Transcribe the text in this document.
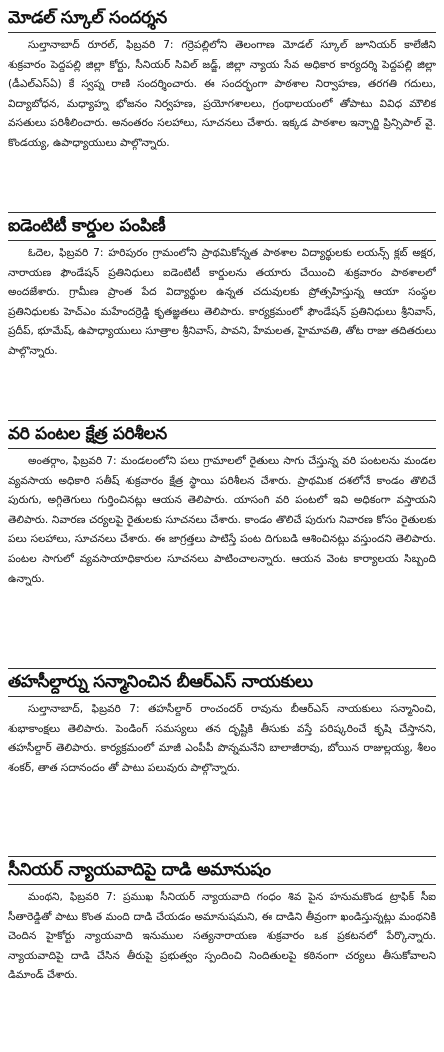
మోడల్ స్కూల్ సందర్శన

సుల్తానాబాద్ రూరల్, ఫిబ్రవరి 7: గర్రెపల్లిలోని తెలంగాణ మోడల్ స్కూల్ జూనియర్ కాలేజీని శుక్రవారం పెద్దపల్లి జిల్లా కోర్టు, సీనియర్ సివిల్ జడ్జ్, జిల్లా న్యాయ సేవ అధికార కార్యదర్శి పెద్దపల్లి జిల్లా (డీఎల్ఎస్ఏ) కే స్వప్న రాణి సందర్శించారు. ఈ సందర్భంగా పాఠశాల నిర్వాహణ, తరగతి గదులు, విద్యాబోధన, మధ్యాహ్న భోజనం నిర్వహణ, ప్రయోగశాలలు, గ్రంథాలయంలో తోపాటు వివిధ మౌలిక వసతులు పరిశీలించారు. అనంతరం సలహాలు, సూచనలు చేశారు. ఇక్కడ పాఠశాల ఇన్చార్జి ప్రిన్సిపాల్ వై. కొండయ్య, ఉపాధ్యాయులు పాల్గొన్నారు.

ఐడెంటిటీ కార్డుల పంపిణీ

ఓదెల, ఫిబ్రవరి 7: హరిపురం గ్రామంలోని ప్రాథమికోన్నత పాఠశాల విద్యార్థులకు లయన్స్ క్లబ్ అక్షర, నారాయణ ఫౌండేషన్ ప్రతినిధులు ఐడెంటిటీ కార్డులను తయారు చేయించి శుక్రవారం పాఠశాలలో అందజేశారు. గ్రామీణ ప్రాంత పేద విద్యార్థుల ఉన్నత చదువులకు ప్రోత్సహిస్తున్న ఆయా సంస్థల ప్రతినిధులకు హెచ్ఎం మహేందర్రెడ్డి కృతజ్ఞతలు తెలిపారు. కార్యక్రమంలో ఫౌండేషన్ ప్రతినిధులు శ్రీనివాస్, ప్రదీప్, భూమేష్, ఉపాధ్యాయులు సూత్రాల శ్రీనివాస్, పావని, హేమలత, హైమావతి, తోట రాజు తదితరులు పాల్గొన్నారు.

వరి పంటల క్షేత్ర పరిశీలన

అంతర్గాం, ఫిబ్రవరి 7: మండలంలోని పలు గ్రామాలలో రైతులు సాగు చేస్తున్న వరి పంటలను మండల వ్యవసాయ అధికారి సతీష్ శుక్రవారం క్షేత్ర స్థాయి పరిశీలన చేశారు. ప్రాథమిక దశలోనే కాండం తొలిచే పురుగు, అగ్గితెగులు గుర్తించినట్లు ఆయన తెలిపారు. యాసంగి వరి పంటలో ఇవి అధికంగా వస్తాయని తెలిపారు. నివారణ చర్యలపై రైతులకు సూచనలు చేశారు. కాండం తొలిచే పురుగు నివారణ కోసం రైతులకు పలు సలహాలు, సూచనలు చేశారు. ఈ జాగ్రత్తలు పాటిస్తే పంట దిగుబడి ఆశించినట్లు వస్తుందని తెలిపారు. పంటల సాగులో వ్యవసాయాధికారుల సూచనలు పాటించాలన్నారు. ఆయన వెంట కార్యాలయ సిబ్బంది ఉన్నారు.

తహసీల్దార్ను సన్మానించిన బీఆర్ఎస్ నాయకులు

సుల్తానాబాద్, ఫిబ్రవరి 7: తహసీల్దార్ రాంచందర్ రావును బీఆర్ఎస్ నాయకులు సన్మానించి, శుభాకాంక్షలు తెలిపారు. పెండింగ్ సమస్యలు తన దృష్టికి తీసుకు వస్తే పరిష్కరించే కృషి చేస్తానని, తహసీల్దార్ తెలిపారు. కార్యక్రమంలో మాజీ ఎంపీపీ పొన్నమనేని బాలాజీరావు, బోయిన రాజుల్లయ్య, శీలం శంకర్, తాత సదానందం తో పాటు పలువురు పాల్గొన్నారు.

సీనియర్ న్యాయవాదిపై దాడి అమానుషం

మంథని, ఫిబ్రవరి 7: ప్రముఖ సీనియర్ న్యాయవాది గంధం శివ పైన హనుమకొండ ట్రాఫిక్ సీఐ సీతారెడ్డితో పాటు కొంత మంది దాడి చేయడం అమానుషమని, ఈ దాడిని తీవ్రంగా ఖండిస్తున్నట్లు మంథనికి చెందిన హైకోర్టు న్యాయవాది ఇనుముల సత్యనారాయణ శుక్రవారం ఒక ప్రకటనలో పేర్కొన్నారు. న్యాయవాదిపై దాడి చేసిన తీరుపై ప్రభుత్వం స్పందించి నిందితులపై కఠినంగా చర్యలు తీసుకోవాలని డిమాండ్ చేశారు.
